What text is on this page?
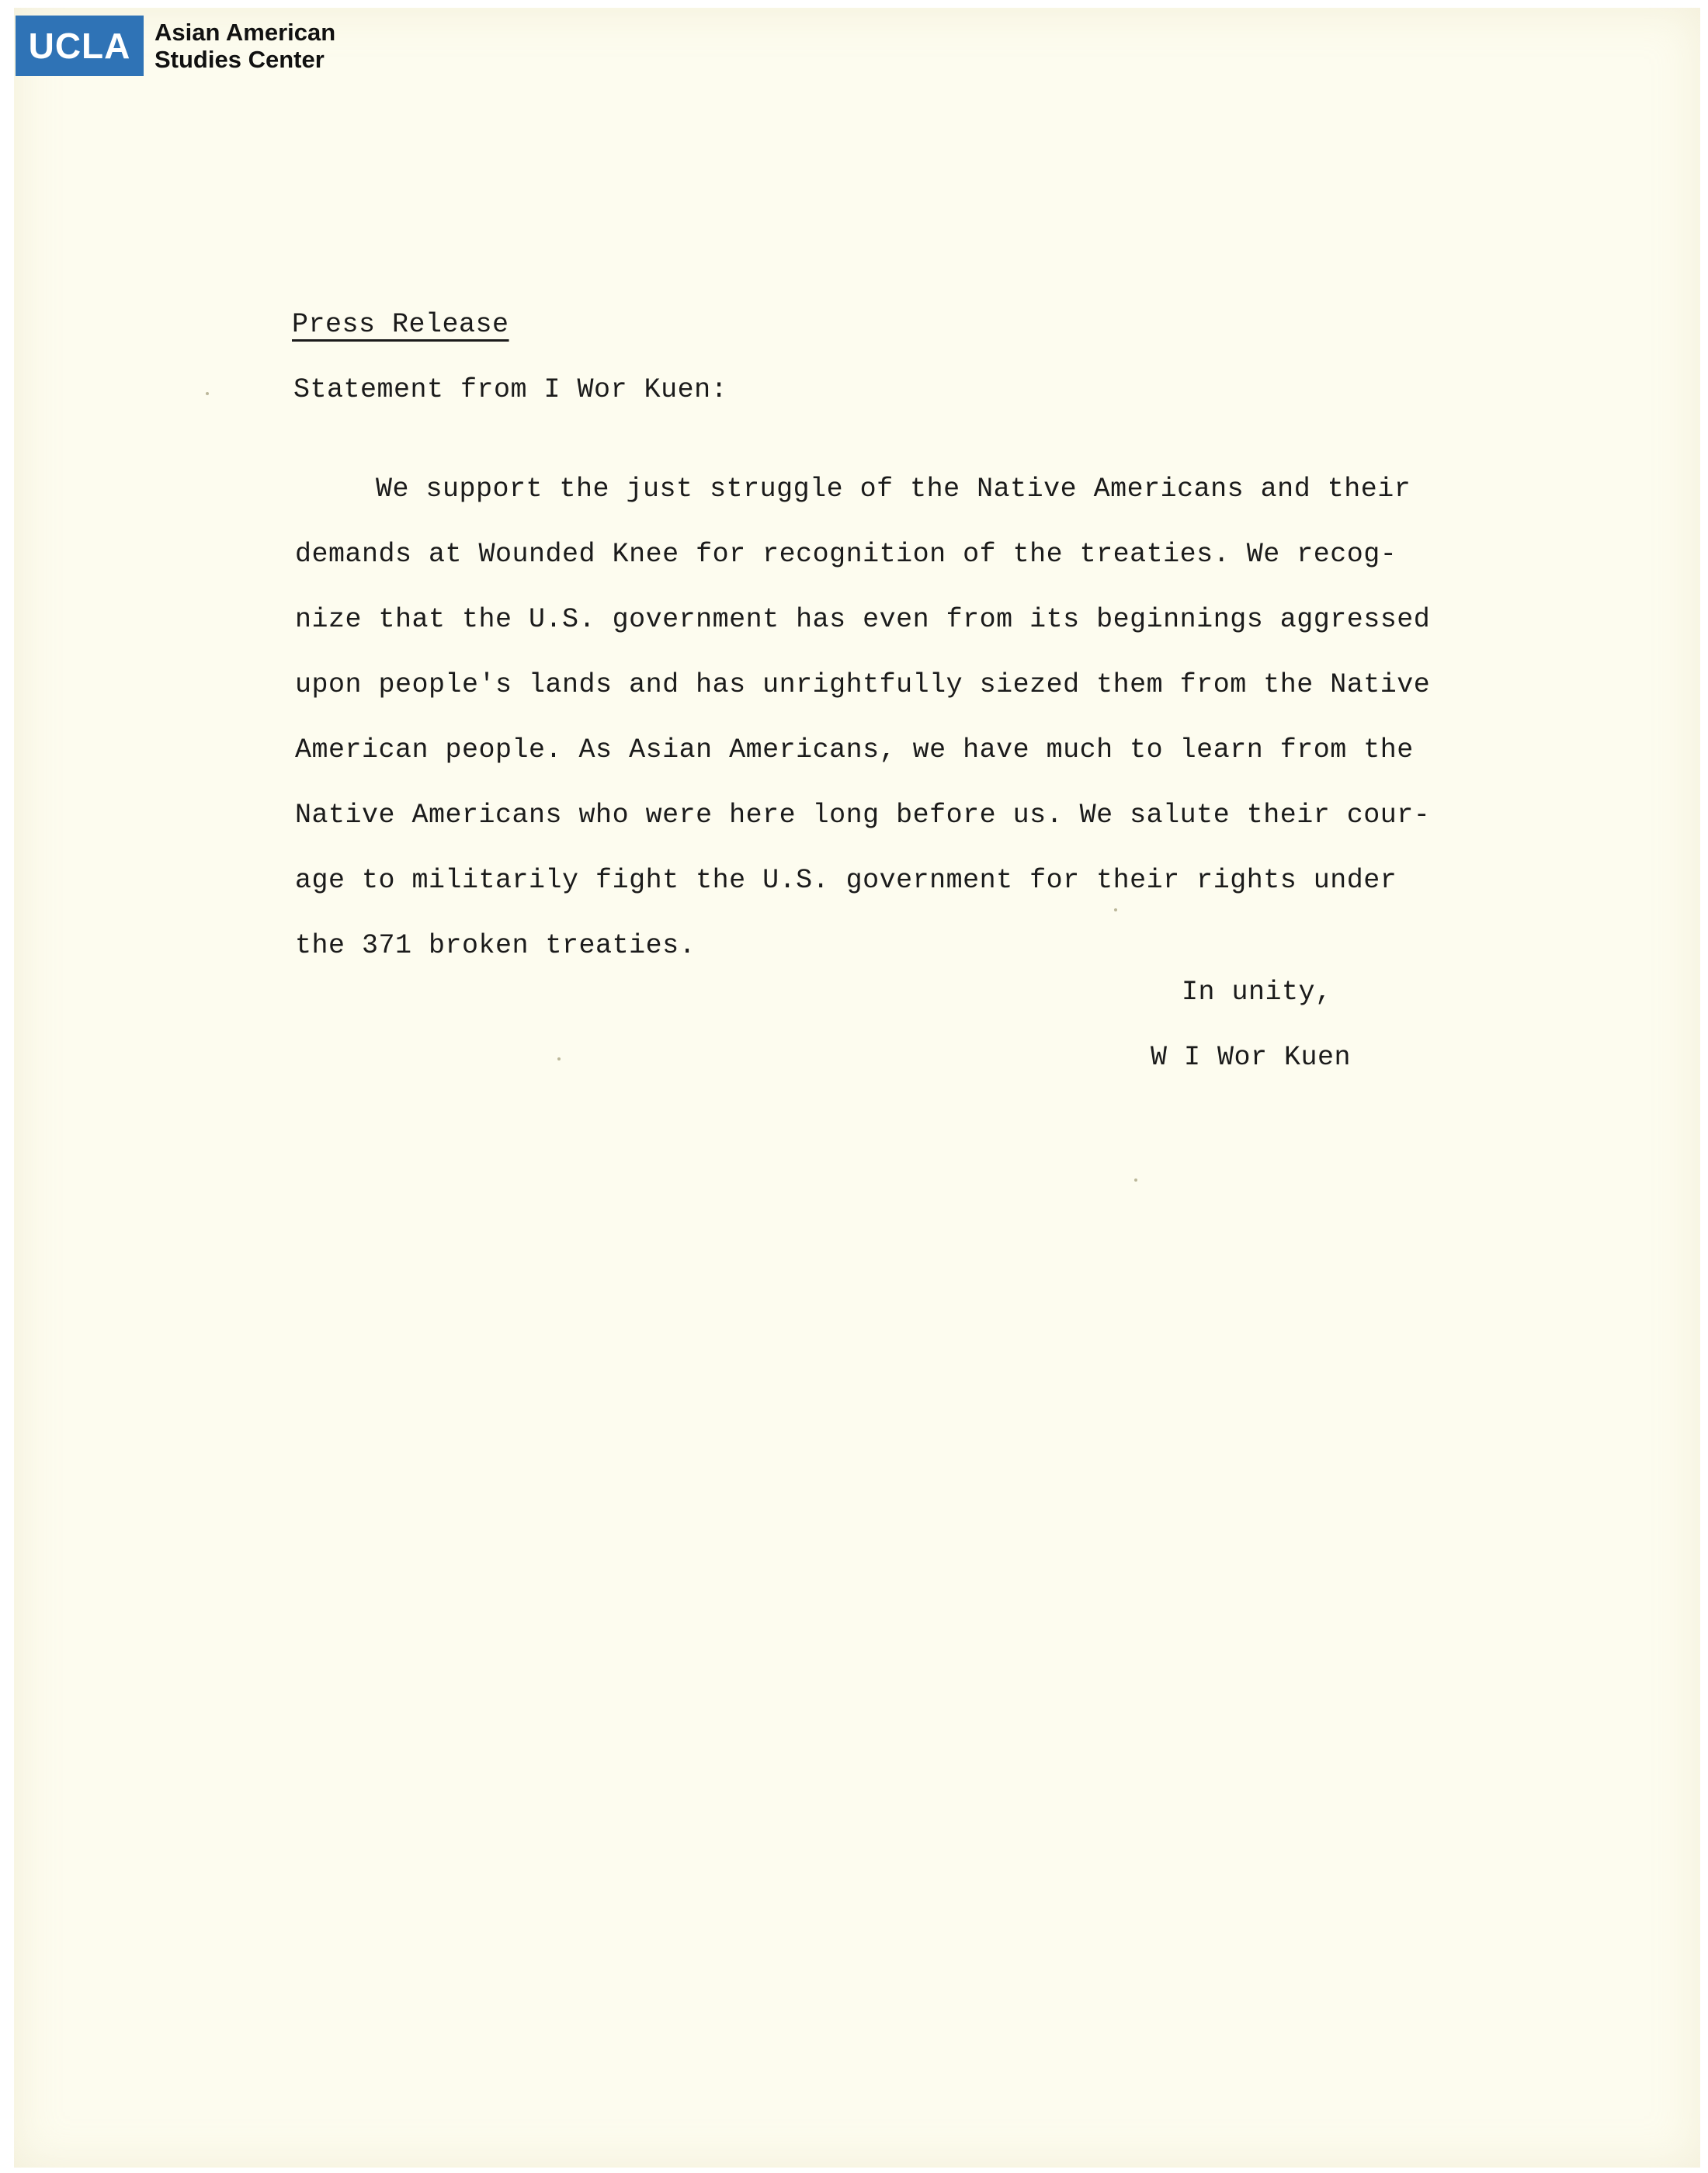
UCLA Asian American
Studies Center
Press Release
Statement from I Wor Kuen:
We support the just struggle of the Native Americans and their
demands at Wounded Knee for recognition of the treaties. We recog-
nize that the U.S. government has even from its beginnings aggressed
upon people's lands and has unrightfully siezed them from the Native
American people. As Asian Americans, we have much to learn from the
Native Americans who were here long before us. We salute their cour-
age to militarily fight the U.S. government for their rights under
the 371 broken treaties.
In unity,
W I Wor Kuen
